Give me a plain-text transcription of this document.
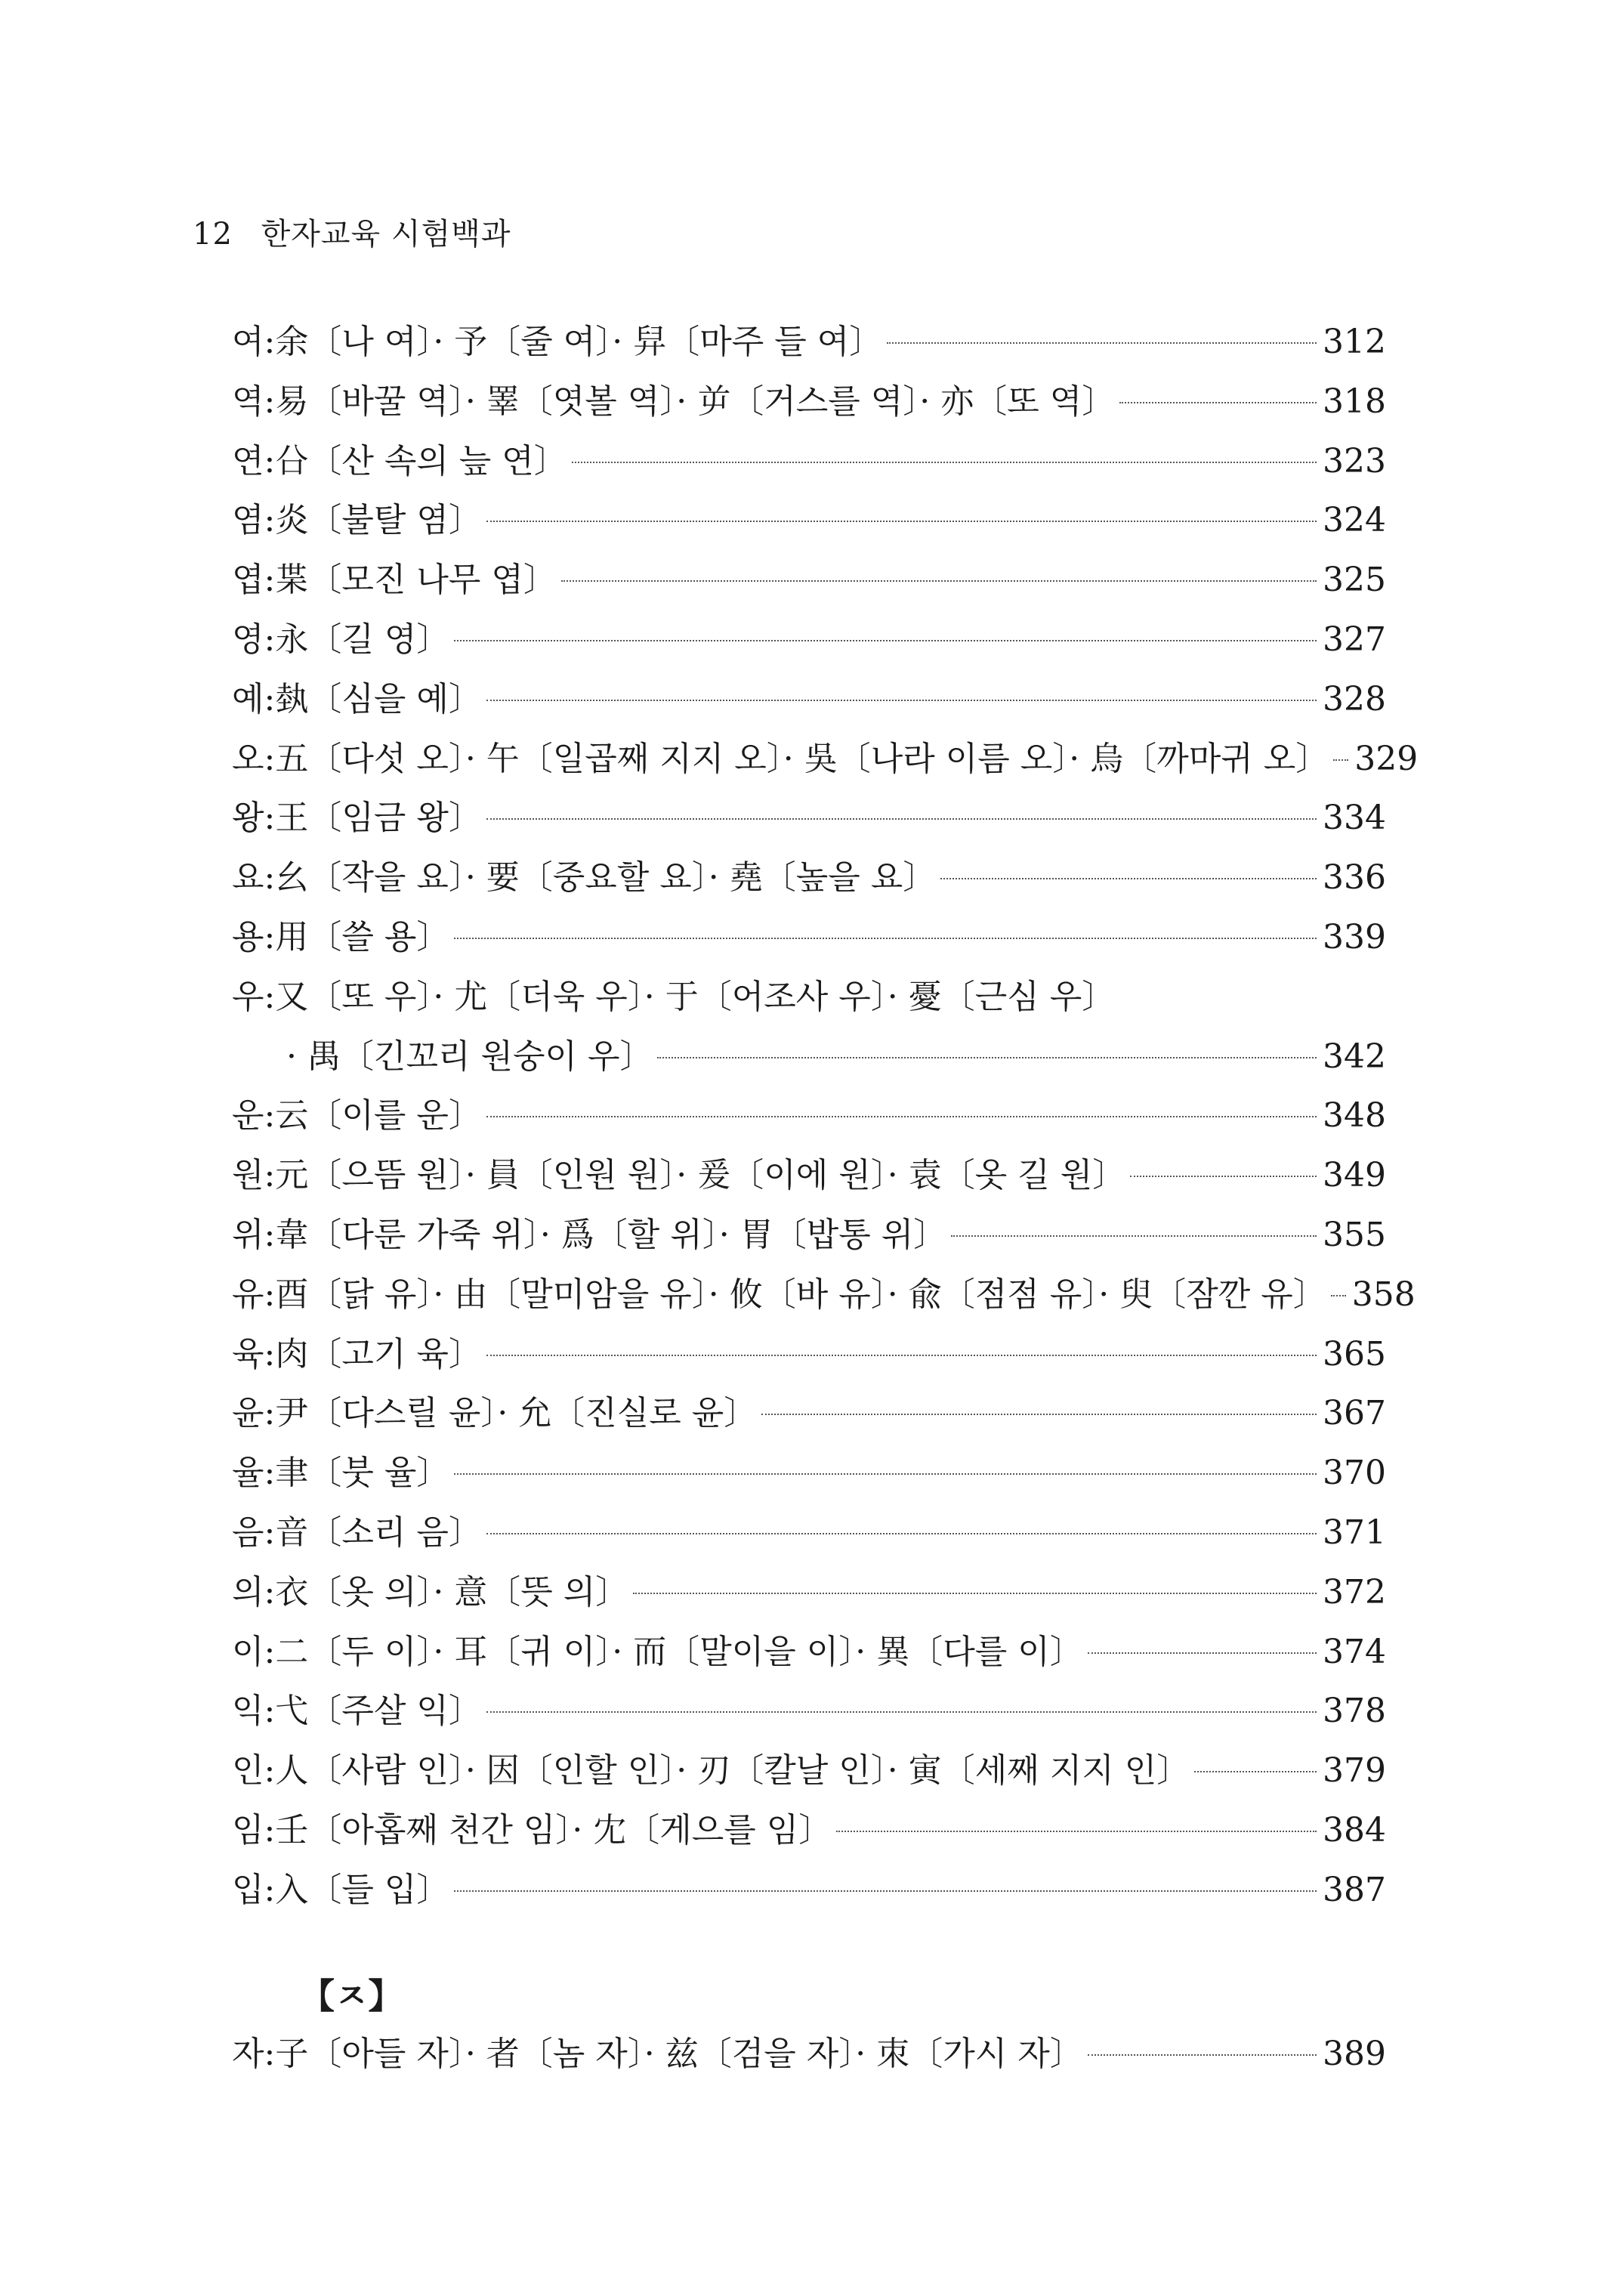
12 한자교육 시험백과
여:余〔나 여〕· 予〔줄 여〕· 舁〔마주 들 여〕	312
역:易〔바꿀 역〕· 睪〔엿볼 역〕· 屰〔거스를 역〕· 亦〔또 역〕	318
연:㕣〔산 속의 늪 연〕	323
염:炎〔불탈 염〕	324
엽:枼〔모진 나무 엽〕	325
영:永〔길 영〕	327
예:埶〔심을 예〕	328
오:五〔다섯 오〕· 午〔일곱째 지지 오〕· 吳〔나라 이름 오〕· 烏〔까마귀 오〕 329
왕:王〔임금 왕〕	334
요:幺〔작을 요〕· 要〔중요할 요〕· 堯〔높을 요〕	336
용:用〔쓸 용〕	339
우:又〔또 우〕· 尤〔더욱 우〕· 于〔어조사 우〕· 憂〔근심 우〕
· 禺〔긴꼬리 원숭이 우〕	342
운:云〔이를 운〕	348
원:元〔으뜸 원〕· 員〔인원 원〕· 爰〔이에 원〕· 袁〔옷 길 원〕	349
위:韋〔다룬 가죽 위〕· 爲〔할 위〕· 胃〔밥통 위〕	355
유:酉〔닭 유〕· 由〔말미암을 유〕· 攸〔바 유〕· 兪〔점점 유〕· 臾〔잠깐 유〕 358
육:肉〔고기 육〕	365
윤:尹〔다스릴 윤〕· 允〔진실로 윤〕	367
율:聿〔붓 율〕	370
음:音〔소리 음〕	371
의:衣〔옷 의〕· 意〔뜻 의〕	372
이:二〔두 이〕· 耳〔귀 이〕· 而〔말이을 이〕· 異〔다를 이〕	374
익:弋〔주살 익〕	378
인:人〔사람 인〕· 因〔인할 인〕· 刃〔칼날 인〕· 寅〔세째 지지 인〕	379
임:壬〔아홉째 천간 임〕· 冘〔게으를 임〕	384
입:入〔들 입〕	387
【ㅈ】
자:子〔아들 자〕· 者〔놈 자〕· 兹〔검을 자〕· 朿〔가시 자〕	389
